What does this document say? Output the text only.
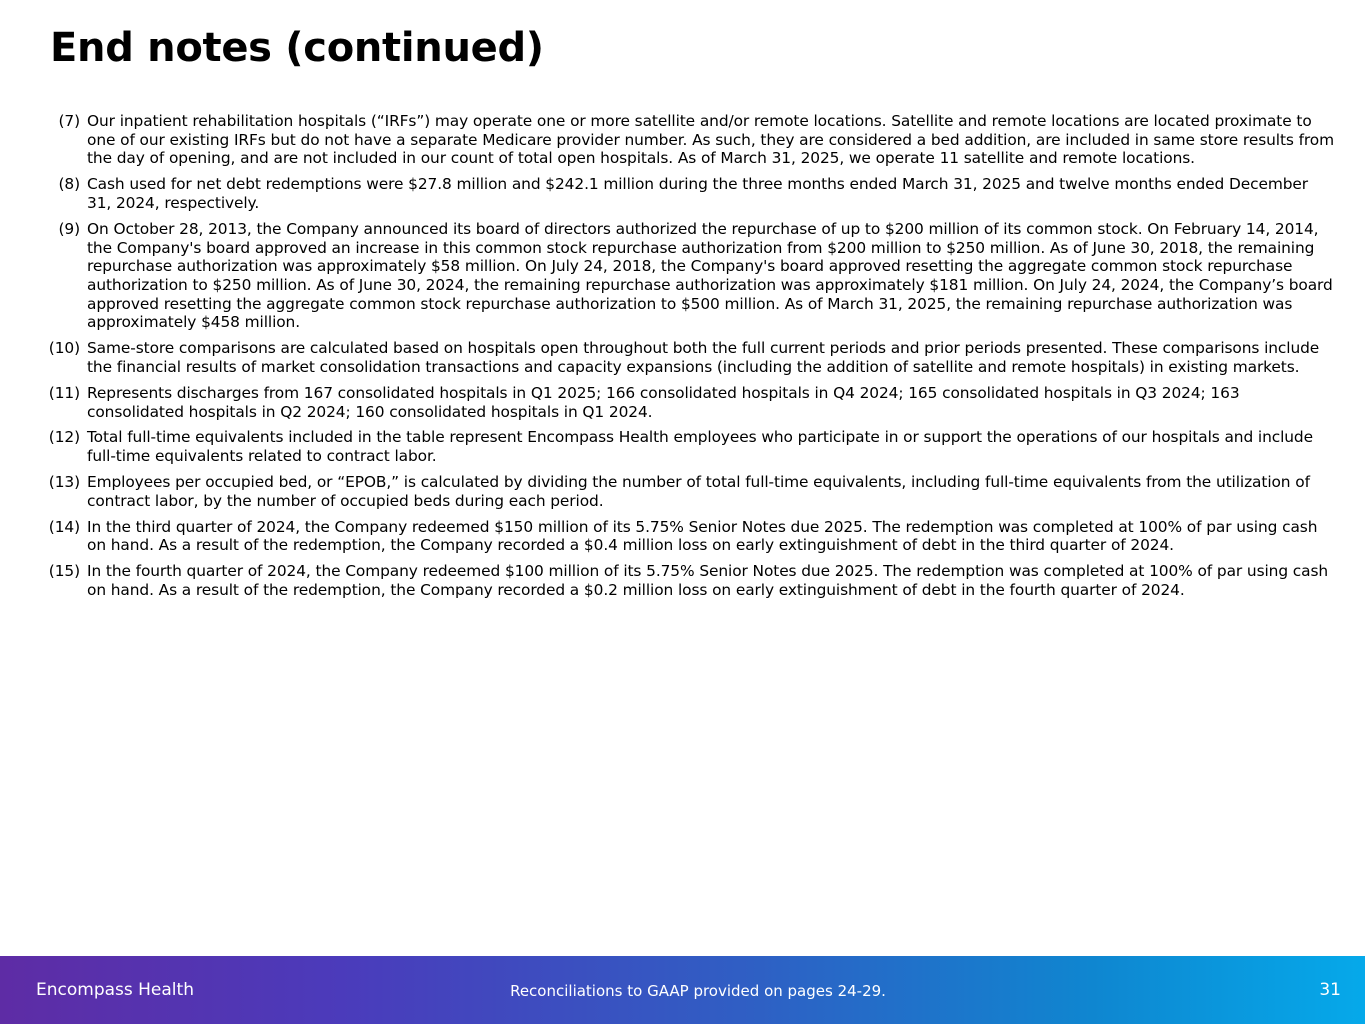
End notes (continued)
(7) Our inpatient rehabilitation hospitals (“IRFs”) may operate one or more satellite and/or remote locations. Satellite and remote locations are located proximate to one of our existing IRFs but do not have a separate Medicare provider number. As such, they are considered a bed addition, are included in same store results from the day of opening, and are not included in our count of total open hospitals. As of March 31, 2025, we operate 11 satellite and remote locations.
(8) Cash used for net debt redemptions were $27.8 million and $242.1 million during the three months ended March 31, 2025 and twelve months ended December 31, 2024, respectively.
(9) On October 28, 2013, the Company announced its board of directors authorized the repurchase of up to $200 million of its common stock. On February 14, 2014, the Company's board approved an increase in this common stock repurchase authorization from $200 million to $250 million. As of June 30, 2018, the remaining repurchase authorization was approximately $58 million. On July 24, 2018, the Company's board approved resetting the aggregate common stock repurchase authorization to $250 million. As of June 30, 2024, the remaining repurchase authorization was approximately $181 million. On July 24, 2024, the Company’s board approved resetting the aggregate common stock repurchase authorization to $500 million. As of March 31, 2025, the remaining repurchase authorization was approximately $458 million.
(10) Same-store comparisons are calculated based on hospitals open throughout both the full current periods and prior periods presented. These comparisons include the financial results of market consolidation transactions and capacity expansions (including the addition of satellite and remote hospitals) in existing markets.
(11) Represents discharges from 167 consolidated hospitals in Q1 2025; 166 consolidated hospitals in Q4 2024; 165 consolidated hospitals in Q3 2024; 163 consolidated hospitals in Q2 2024; 160 consolidated hospitals in Q1 2024.
(12) Total full-time equivalents included in the table represent Encompass Health employees who participate in or support the operations of our hospitals and include full-time equivalents related to contract labor.
(13) Employees per occupied bed, or “EPOB,” is calculated by dividing the number of total full-time equivalents, including full-time equivalents from the utilization of contract labor, by the number of occupied beds during each period.
(14) In the third quarter of 2024, the Company redeemed $150 million of its 5.75% Senior Notes due 2025. The redemption was completed at 100% of par using cash on hand. As a result of the redemption, the Company recorded a $0.4 million loss on early extinguishment of debt in the third quarter of 2024.
(15) In the fourth quarter of 2024, the Company redeemed $100 million of its 5.75% Senior Notes due 2025. The redemption was completed at 100% of par using cash on hand. As a result of the redemption, the Company recorded a $0.2 million loss on early extinguishment of debt in the fourth quarter of 2024.
Encompass Health	Reconciliations to GAAP provided on pages 24-29.	31
